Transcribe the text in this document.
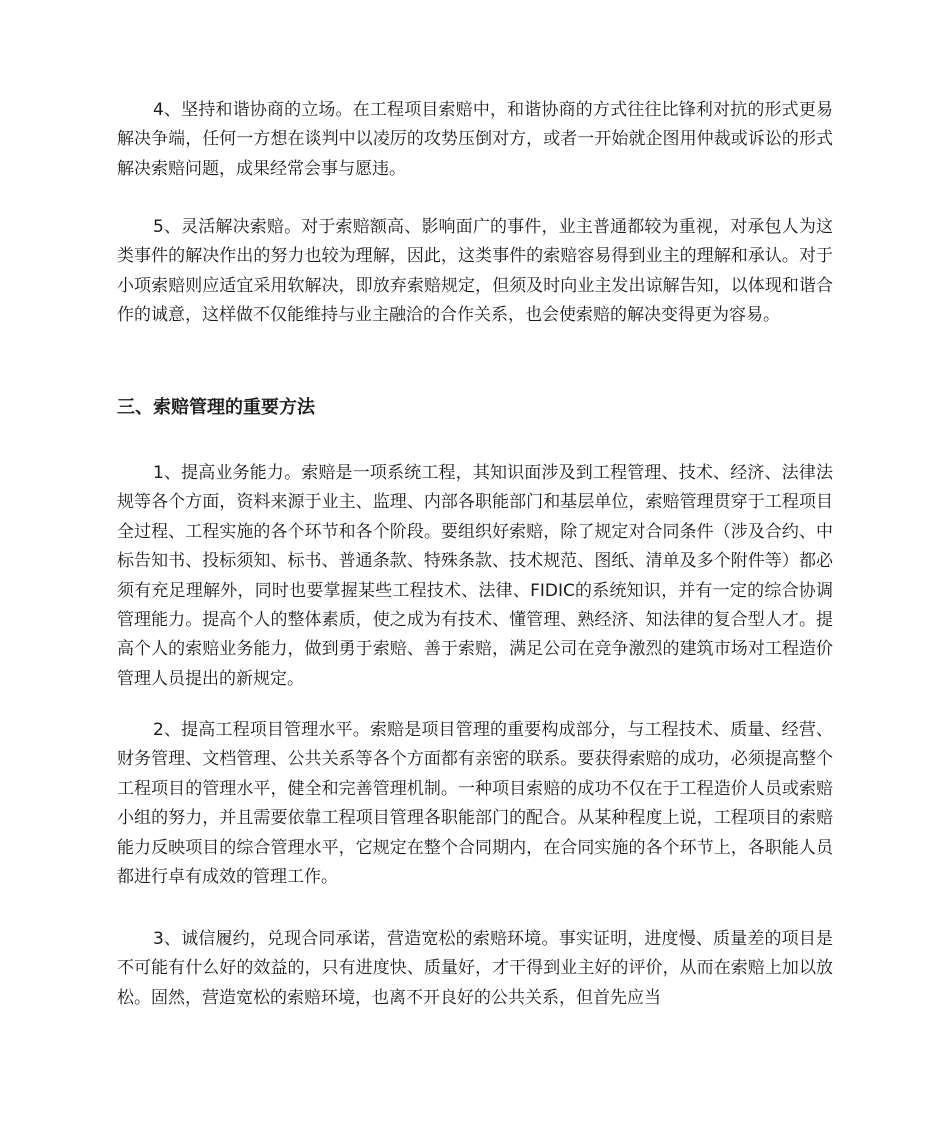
4、坚持和谐协商的立场。在工程项目索赔中，和谐协商的方式往往比锋利对抗的形式更易解决争端，任何一方想在谈判中以凌厉的攻势压倒对方，或者一开始就企图用仲裁或诉讼的形式解决索赔问题，成果经常会事与愿违。

5、灵活解决索赔。对于索赔额高、影响面广的事件，业主普通都较为重视，对承包人为这类事件的解决作出的努力也较为理解，因此，这类事件的索赔容易得到业主的理解和承认。对于小项索赔则应适宜采用软解决，即放弃索赔规定，但须及时向业主发出谅解告知，以体现和谐合作的诚意，这样做不仅能维持与业主融洽的合作关系，也会使索赔的解决变得更为容易。

三、索赔管理的重要方法

1、提高业务能力。索赔是一项系统工程，其知识面涉及到工程管理、技术、经济、法律法规等各个方面，资料来源于业主、监理、内部各职能部门和基层单位，索赔管理贯穿于工程项目全过程、工程实施的各个环节和各个阶段。要组织好索赔，除了规定对合同条件（涉及合约、中标告知书、投标须知、标书、普通条款、特殊条款、技术规范、图纸、清单及多个附件等）都必须有充足理解外，同时也要掌握某些工程技术、法律、FIDIC的系统知识，并有一定的综合协调管理能力。提高个人的整体素质，使之成为有技术、懂管理、熟经济、知法律的复合型人才。提高个人的索赔业务能力，做到勇于索赔、善于索赔，满足公司在竞争激烈的建筑市场对工程造价管理人员提出的新规定。

2、提高工程项目管理水平。索赔是项目管理的重要构成部分，与工程技术、质量、经营、财务管理、文档管理、公共关系等各个方面都有亲密的联系。要获得索赔的成功，必须提高整个工程项目的管理水平，健全和完善管理机制。一种项目索赔的成功不仅在于工程造价人员或索赔小组的努力，并且需要依靠工程项目管理各职能部门的配合。从某种程度上说，工程项目的索赔能力反映项目的综合管理水平，它规定在整个合同期内，在合同实施的各个环节上，各职能人员都进行卓有成效的管理工作。

3、诚信履约，兑现合同承诺，营造宽松的索赔环境。事实证明，进度慢、质量差的项目是不可能有什么好的效益的，只有进度快、质量好，才干得到业主好的评价，从而在索赔上加以放松。固然，营造宽松的索赔环境，也离不开良好的公共关系，但首先应当
